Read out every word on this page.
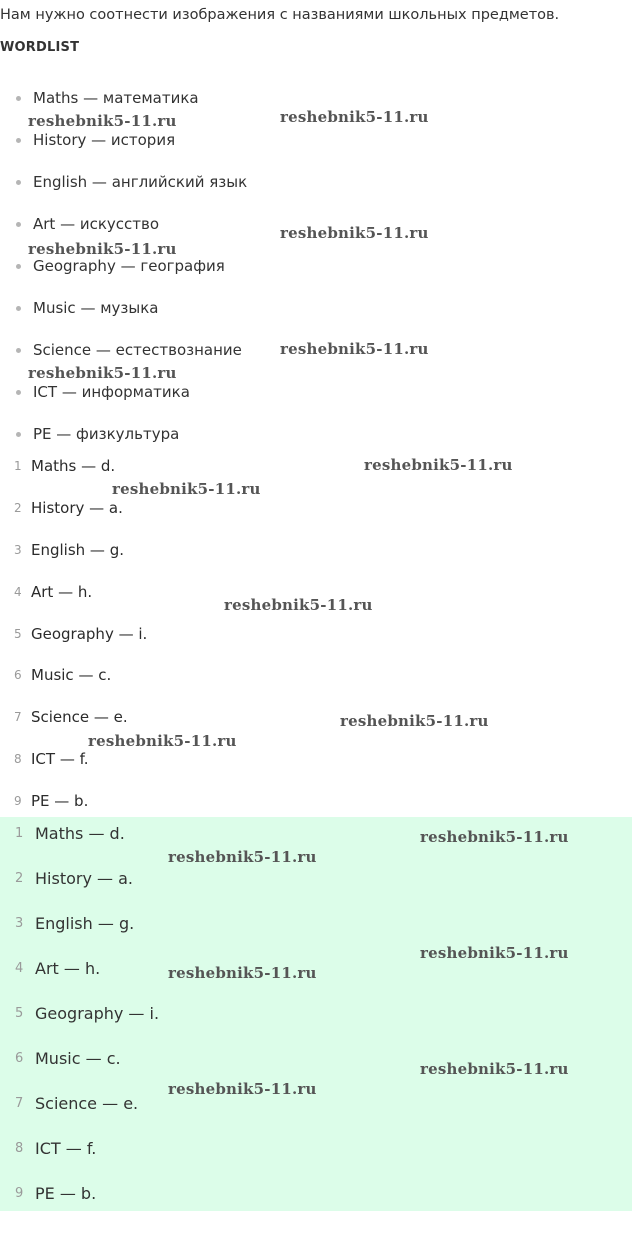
Нам нужно соотнести изображения с названиями школьных предметов.
WORDLIST
Maths — математика
History — история
English — английский язык
Art — искусство
Geography — география
Music — музыка
Science — естествознание
ICT — информатика
PE — физкультура
1 Maths — d.
2 History — a.
3 English — g.
4 Art — h.
5 Geography — i.
6 Music — c.
7 Science — e.
8 ICT — f.
9 PE — b.
1 Maths — d.
2 History — a.
3 English — g.
4 Art — h.
5 Geography — i.
6 Music — c.
7 Science — e.
8 ICT — f.
9 PE — b.
reshebnik5-11.ru	reshebnik5-11.ru
reshebnik5-11.ru
reshebnik5-11.ru
reshebnik5-11.ru
reshebnik5-11.ru
reshebnik5-11.ru
reshebnik5-11.ru
reshebnik5-11.ru
reshebnik5-11.ru
reshebnik5-11.ru
reshebnik5-11.ru
reshebnik5-11.ru
reshebnik5-11.ru
reshebnik5-11.ru
reshebnik5-11.ru
reshebnik5-11.ru
